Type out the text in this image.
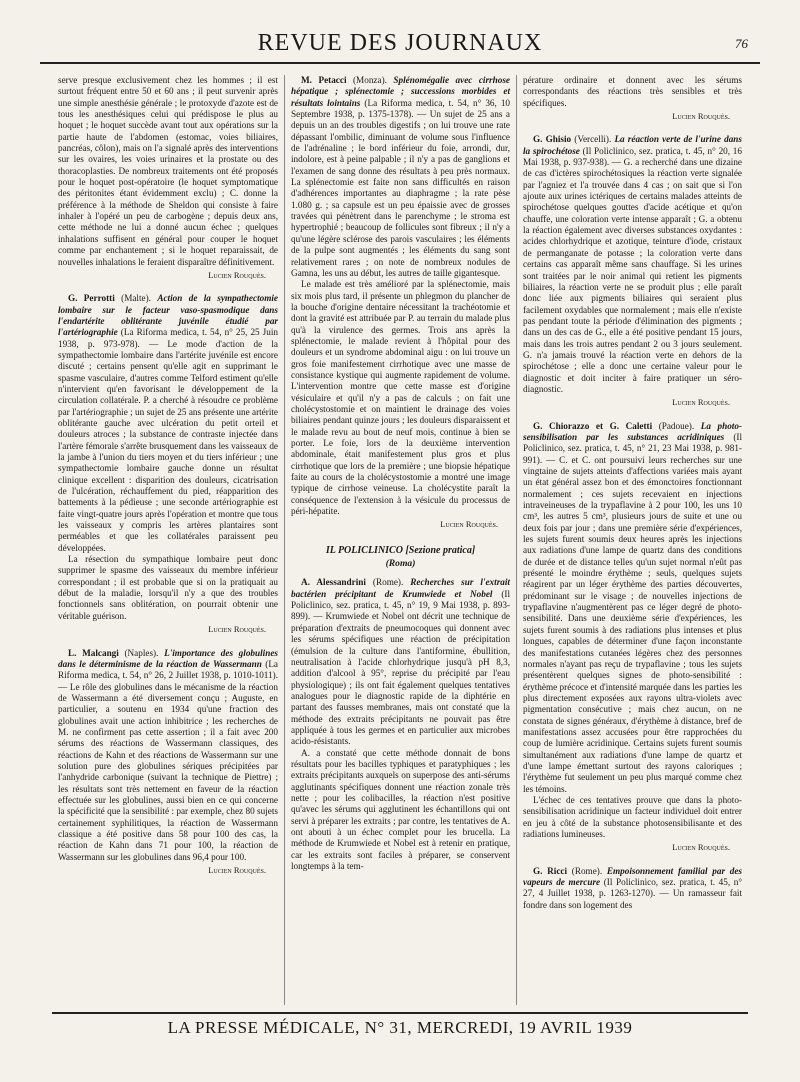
REVUE DES JOURNAUX	76

serve presque exclusivement chez les hommes ; il est surtout fréquent entre 50 et 60 ans ; il peut survenir après une simple anesthésie générale ; le protoxyde d'azote est de tous les anesthésiques celui qui prédispose le plus au hoquet ; le hoquet succède avant tout aux opérations sur la partie haute de l'abdomen (estomac, voies biliaires, pancréas, côlon), mais on l'a signalé après des interventions sur les ovaires, les voies urinaires et la prostate ou des thoracoplasties. De nombreux traitements ont été proposés pour le hoquet post-opératoire (le hoquet symptomatique des péritonites étant évidemment exclu) ; C. donne la préférence à la méthode de Sheldon qui consiste à faire inhaler à l'opéré un peu de carbogène ; depuis deux ans, cette méthode ne lui a donné aucun échec ; quelques inhalations suffisent en général pour couper le hoquet comme par enchantement ; si le hoquet reparaissait, de nouvelles inhalations le feraient disparaître définitivement.

Lucien Rouquès.

G. Perrotti (Malte). Action de la sympathectomie lombaire sur le facteur vaso-spasmodique dans l'endartérite oblitérante juvénile étudié par l'artériographie (La Riforma medica, t. 54, n° 25, 25 Juin 1938, p. 973-978). — Le mode d'action de la sympathectomie lombaire dans l'artérite juvénile est encore discuté ; certains pensent qu'elle agit en supprimant le spasme vasculaire, d'autres comme Telford estiment qu'elle n'intervient qu'en favorisant le développement de la circulation collatérale. P. a cherché à résoudre ce problème par l'artériographie ; un sujet de 25 ans présente une artérite oblitérante gauche avec ulcération du petit orteil et douleurs atroces ; la substance de contraste injectée dans l'artère fémorale s'arrête brusquement dans les vaisseaux de la jambe à l'union du tiers moyen et du tiers inférieur ; une sympathectomie lombaire gauche donne un résultat clinique excellent : disparition des douleurs, cicatrisation de l'ulcération, réchauffement du pied, réapparition des battements à la pédieuse ; une seconde artériographie est faite vingt-quatre jours après l'opération et montre que tous les vaisseaux y compris les artères plantaires sont perméables et que les collatérales paraissent peu développées.

La résection du sympathique lombaire peut donc supprimer le spasme des vaisseaux du membre inférieur correspondant ; il est probable que si on la pratiquait au début de la maladie, lorsqu'il n'y a que des troubles fonctionnels sans oblitération, on pourrait obtenir une véritable guérison.

Lucien Rouquès.

L. Malcangi (Naples). L'importance des globulines dans le déterminisme de la réaction de Wassermann (La Riforma medica, t. 54, n° 26, 2 Juillet 1938, p. 1010-1011). — Le rôle des globulines dans le mécanisme de la réaction de Wassermann a été diversement conçu ; Auguste, en particulier, a soutenu en 1934 qu'une fraction des globulines avait une action inhibitrice ; les recherches de M. ne confirment pas cette assertion ; il a fait avec 200 sérums des réactions de Wassermann classiques, des réactions de Kahn et des réactions de Wassermann sur une solution pure des globulines sériques précipitées par l'anhydride carbonique (suivant la technique de Piettre) ; les résultats sont très nettement en faveur de la réaction effectuée sur les globulines, aussi bien en ce qui concerne la spécificité que la sensibilité : par exemple, chez 80 sujets certainement syphilitiques, la réaction de Wassermann classique a été positive dans 58 pour 100 des cas, la réaction de Kahn dans 71 pour 100, la réaction de Wassermann sur les globulines dans 96,4 pour 100.

Lucien Rouquès.

M. Petacci (Monza). Splénomégalie avec cirrhose hépatique ; splénectomie ; successions morbides et résultats lointains (La Riforma medica, t. 54, n° 36, 10 Septembre 1938, p. 1375-1378). — Un sujet de 25 ans a depuis un an des troubles digestifs ; on lui trouve une rate dépassant l'ombilic, diminuant de volume sous l'influence de l'adrénaline ; le bord inférieur du foie, arrondi, dur, indolore, est à peine palpable ; il n'y a pas de ganglions et l'examen de sang donne des résultats à peu près normaux. La splénectomie est faite non sans difficultés en raison d'adhérences importantes au diaphragme ; la rate pèse 1.080 g. ; sa capsule est un peu épaissie avec de grosses travées qui pénètrent dans le parenchyme ; le stroma est hypertrophié ; beaucoup de follicules sont fibreux ; il n'y a qu'une légère sclérose des parois vasculaires ; les éléments de la pulpe sont augmentés ; les éléments du sang sont relativement rares ; on note de nombreux nodules de Gamna, les uns au début, les autres de taille gigantesque.

Le malade est très amélioré par la splénectomie, mais six mois plus tard, il présente un phlegmon du plancher de la bouche d'origine dentaire nécessitant la trachéotomie et dont la gravité est attribuée par P. au terrain du malade plus qu'à la virulence des germes. Trois ans après la splénectomie, le malade revient à l'hôpital pour des douleurs et un syndrome abdominal aigu : on lui trouve un gros foie manifestement cirrhotique avec une masse de consistance kystique qui augmente rapidement de volume. L'intervention montre que cette masse est d'origine vésiculaire et qu'il n'y a pas de calculs ; on fait une cholécystostomie et on maintient le drainage des voies biliaires pendant quinze jours ; les douleurs disparaissent et le malade revu au bout de neuf mois, continue à bien se porter. Le foie, lors de la deuxième intervention abdominale, était manifestement plus gros et plus cirrhotique que lors de la première ; une biopsie hépatique faite au cours de la cholécystostomie a montré une image typique de cirrhose veineuse. La cholécystite paraît la conséquence de l'extension à la vésicule du processus de péri-hépatite.

Lucien Rouquès.
IL POLICLINICO [Sezione pratica]
(Roma)

A. Alessandrini (Rome). Recherches sur l'extrait bactérien précipitant de Krumwiede et Nobel (Il Policlinico, sez. pratica, t. 45, n° 19, 9 Mai 1938, p. 893-899). — Krumwiede et Nobel ont décrit une technique de préparation d'extraits de pneumocoques qui donnent avec les sérums spécifiques une réaction de précipitation (émulsion de la culture dans l'antiformine, ébullition, neutralisation à l'acide chlorhydrique jusqu'à pH 8,3, addition d'alcool à 95°, reprise du précipité par l'eau physiologique) ; ils ont fait également quelques tentatives analogues pour le diagnostic rapide de la diphtérie en partant des fausses membranes, mais ont constaté que la méthode des extraits précipitants ne pouvait pas être appliquée à tous les germes et en particulier aux microbes acido-résistants.

A. a constaté que cette méthode donnait de bons résultats pour les bacilles typhiques et paratyphiques ; les extraits précipitants auxquels on superpose des anti-sérums agglutinants spécifiques donnent une réaction zonale très nette ; pour les colibacilles, la réaction n'est positive qu'avec les sérums qui agglutinent les échantillons qui ont servi à préparer les extraits ; par contre, les tentatives de A. ont abouti à un échec complet pour les brucella. La méthode de Krumwiede et Nobel est à retenir en pratique, car les extraits sont faciles à préparer, se conservent longtemps à la tem-

pérature ordinaire et donnent avec les sérums correspondants des réactions très sensibles et très spécifiques.

Lucien Rouquès.

G. Ghisio (Vercelli). La réaction verte de l'urine dans la spirochétose (Il Policlinico, sez. pratica, t. 45, n° 20, 16 Mai 1938, p. 937-938). — G. a recherché dans une dizaine de cas d'ictères spirochétosiques la réaction verte signalée par l'agniez et l'a trouvée dans 4 cas ; on sait que si l'on ajoute aux urines ictériques de certains malades atteints de spirochétose quelques gouttes d'acide acétique et qu'on chauffe, une coloration verte intense apparaît ; G. a obtenu la réaction également avec diverses substances oxydantes : acides chlorhydrique et azotique, teinture d'iode, cristaux de permanganate de potasse ; la coloration verte dans certains cas apparaît même sans chauffage. Si les urines sont traitées par le noir animal qui retient les pigments biliaires, la réaction verte ne se produit plus ; elle paraît donc liée aux pigments biliaires qui seraient plus facilement oxydables que normalement ; mais elle n'existe pas pendant toute la période d'élimination des pigments ; dans un des cas de G., elle a été positive pendant 15 jours, mais dans les trois autres pendant 2 ou 3 jours seulement. G. n'a jamais trouvé la réaction verte en dehors de la spirochétose ; elle a donc une certaine valeur pour le diagnostic et doit inciter à faire pratiquer un séro-diagnostic.

Lucien Rouquès.

G. Chiorazzo et G. Caletti (Padoue). La photo-sensibilisation par les substances acridiniques (Il Policlinico, sez. pratica, t. 45, n° 21, 23 Mai 1938, p. 981-991). — C. et C. ont poursuivi leurs recherches sur une vingtaine de sujets atteints d'affections variées mais ayant un état général assez bon et des émonctoires fonctionnant normalement ; ces sujets recevaient en injections intraveineuses de la trypaflavine à 2 pour 100, les uns 10 cm³, les autres 5 cm³, plusieurs jours de suite et une ou deux fois par jour ; dans une première série d'expériences, les sujets furent soumis deux heures après les injections aux radiations d'une lampe de quartz dans des conditions de durée et de distance telles qu'un sujet normal n'eût pas présenté le moindre érythème ; seuls, quelques sujets réagirent par un léger érythème des parties découvertes, prédominant sur le visage ; de nouvelles injections de trypaflavine n'augmentèrent pas ce léger degré de photo-sensibilité. Dans une deuxième série d'expériences, les sujets furent soumis à des radiations plus intenses et plus longues, capables de déterminer d'une façon inconstante des manifestations cutanées légères chez des personnes normales n'ayant pas reçu de trypaflavine ; tous les sujets présentèrent quelques signes de photo-sensibilité : érythème précoce et d'intensité marquée dans les parties les plus directement exposées aux rayons ultra-violets avec pigmentation consécutive ; mais chez aucun, on ne constata de signes généraux, d'érythème à distance, bref de manifestations assez accusées pour être rapprochées du coup de lumière acridinique. Certains sujets furent soumis simultanément aux radiations d'une lampe de quartz et d'une lampe émettant surtout des rayons caloriques ; l'érythème fut seulement un peu plus marqué comme chez les témoins.

L'échec de ces tentatives prouve que dans la photo-sensibilisation acridinique un facteur individuel doit entrer en jeu à côté de la substance photosensibilisante et des radiations lumineuses.

Lucien Rouquès.

G. Ricci (Rome). Empoisonnement familial par des vapeurs de mercure (Il Policlinico, sez. pratica, t. 45, n° 27, 4 Juillet 1938, p. 1263-1270). — Un ramasseur fait fondre dans son logement des

LA PRESSE MÉDICALE, N° 31, MERCREDI, 19 AVRIL 1939
